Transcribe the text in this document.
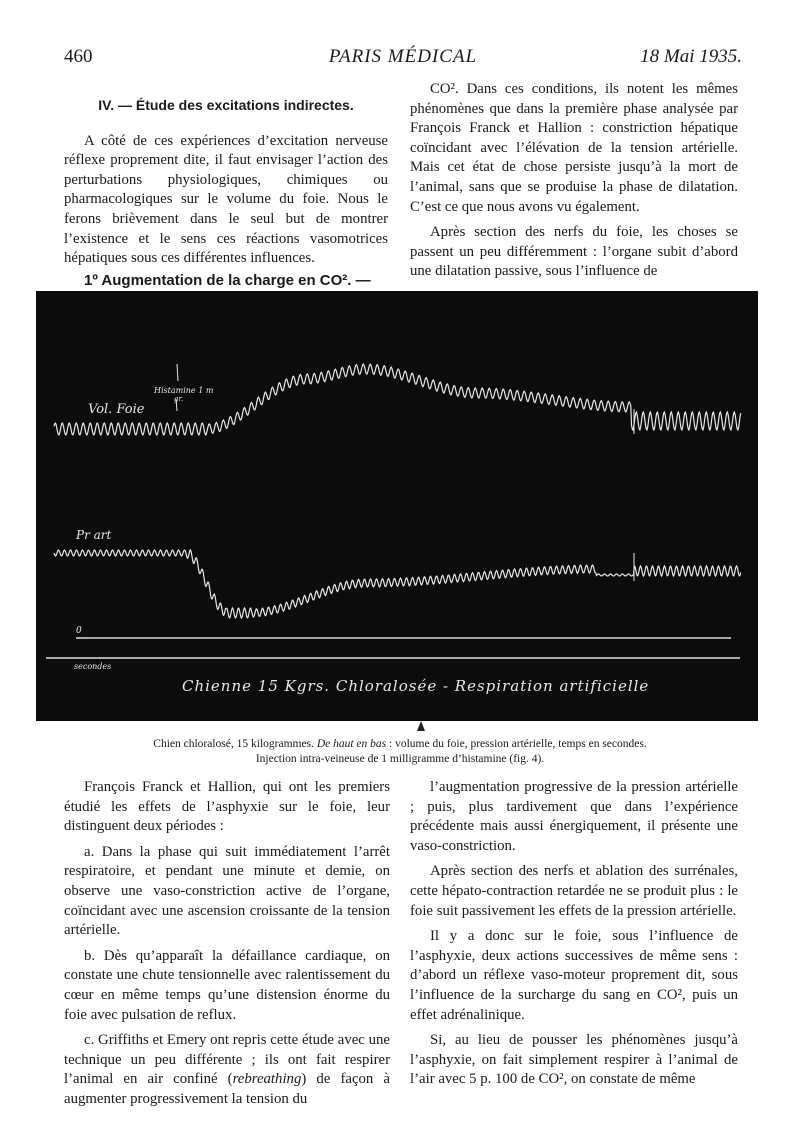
460	PARIS MÉDICAL	18 Mai 1935.

IV. — Étude des excitations indirectes.

A côté de ces expériences d’excitation nerveuse réflexe proprement dite, il faut envisager l’action des perturbations physiologiques, chimiques ou pharmacologiques sur le volume du foie. Nous le ferons brièvement dans le seul but de montrer l’existence et le sens ces réactions vasomotrices hépatiques sous ces différentes influences.

1º Augmentation de la charge en CO². —

CO². Dans ces conditions, ils notent les mêmes phénomènes que dans la première phase analysée par François Franck et Hallion : constriction hépatique coïncidant avec l’élévation de la tension artérielle. Mais cet état de chose persiste jusqu’à la mort de l’animal, sans que se produise la phase de dilatation. C’est ce que nous avons vu également.

Après section des nerfs du foie, les choses se passent un peu différemment : l’organe subit d’abord une dilatation passive, sous l’influence de

Vol. Foie
Histamine 1 m
gr.
Pr art
0
secondes
Chienne 15 Kgrs. Chloralosée - Respiration artificielle
Chien chloralosé, 15 kilogrammes. De haut en bas : volume du foie, pression artérielle, temps en secondes.
Injection intra-veineuse de 1 milligramme d’histamine (fig. 4).

François Franck et Hallion, qui ont les premiers étudié les effets de l’asphyxie sur le foie, leur distinguent deux périodes :

a. Dans la phase qui suit immédiatement l’arrêt respiratoire, et pendant une minute et demie, on observe une vaso-constriction active de l’organe, coïncidant avec une ascension croissante de la tension artérielle.

b. Dès qu’apparaît la défaillance cardiaque, on constate une chute tensionnelle avec ralentissement du cœur en même temps qu’une distension énorme du foie avec pulsation de reflux.

c. Griffiths et Emery ont repris cette étude avec une technique un peu différente ; ils ont fait respirer l’animal en air confiné (rebreathing) de façon à augmenter progressivement la tension du

l’augmentation progressive de la pression artérielle ; puis, plus tardivement que dans l’expérience précédente mais aussi énergiquement, il présente une vaso-constriction.

Après section des nerfs et ablation des surrénales, cette hépato-contraction retardée ne se produit plus : le foie suit passivement les effets de la pression artérielle.

Il y a donc sur le foie, sous l’influence de l’asphyxie, deux actions successives de même sens : d’abord un réflexe vaso-moteur proprement dit, sous l’influence de la surcharge du sang en CO², puis un effet adrénalinique.

Si, au lieu de pousser les phénomènes jusqu’à l’asphyxie, on fait simplement respirer à l’animal de l’air avec 5 p. 100 de CO², on constate de même
